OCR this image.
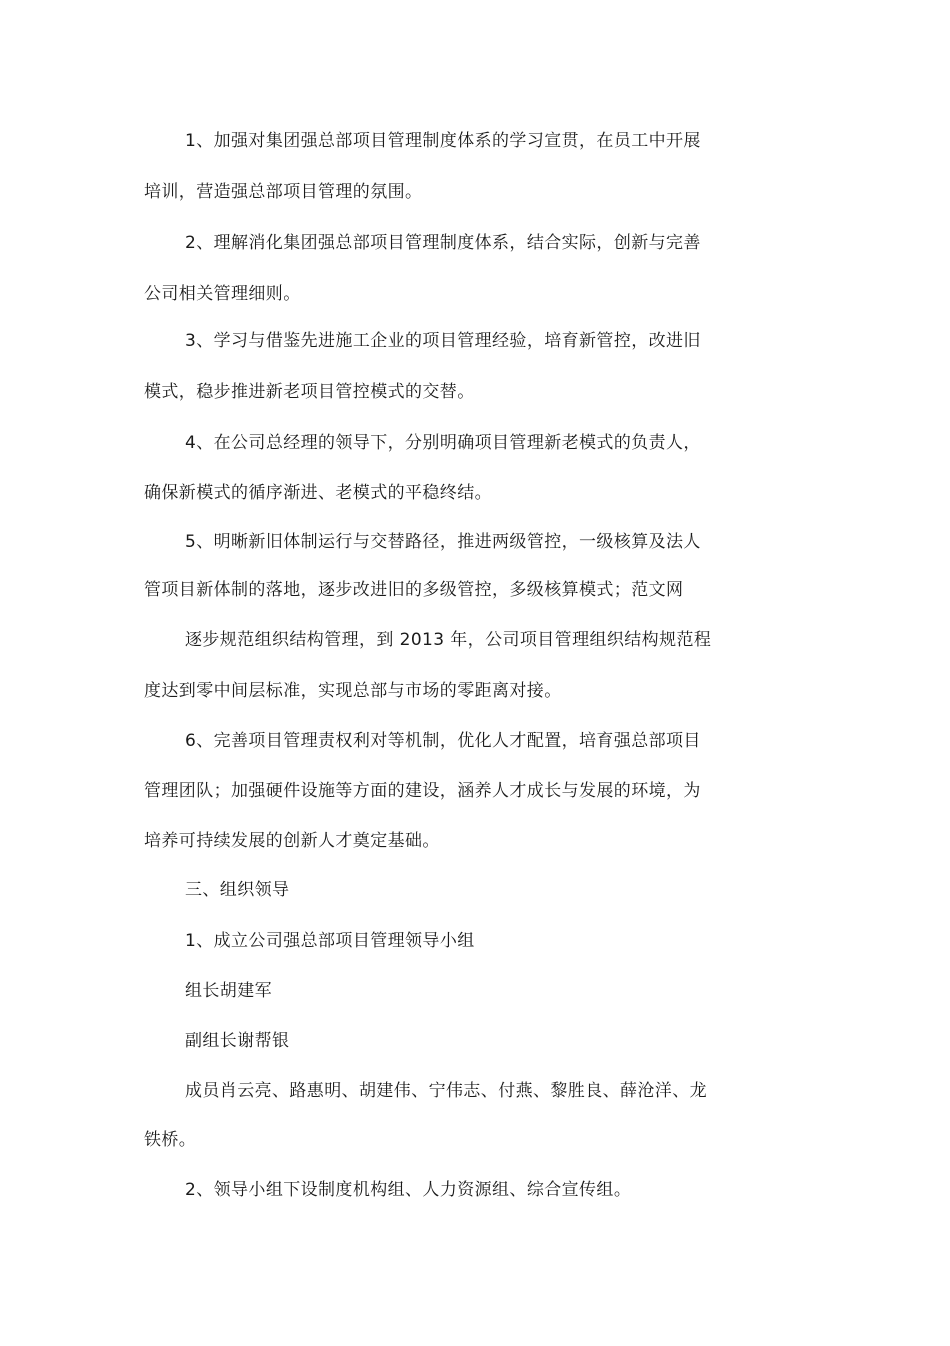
1、加强对集团强总部项目管理制度体系的学习宣贯，在员工中开展
培训，营造强总部项目管理的氛围。
2、理解消化集团强总部项目管理制度体系，结合实际，创新与完善
公司相关管理细则。
3、学习与借鉴先进施工企业的项目管理经验，培育新管控，改进旧
模式，稳步推进新老项目管控模式的交替。
4、在公司总经理的领导下，分别明确项目管理新老模式的负责人，
确保新模式的循序渐进、老模式的平稳终结。
5、明晰新旧体制运行与交替路径，推进两级管控，一级核算及法人
管项目新体制的落地，逐步改进旧的多级管控，多级核算模式；范文网
逐步规范组织结构管理，到 2013 年，公司项目管理组织结构规范程
度达到零中间层标准，实现总部与市场的零距离对接。
6、完善项目管理责权利对等机制，优化人才配置，培育强总部项目
管理团队；加强硬件设施等方面的建设，涵养人才成长与发展的环境，为
培养可持续发展的创新人才奠定基础。
三、组织领导
1、成立公司强总部项目管理领导小组
组长胡建军
副组长谢帮银
成员肖云亮、路惠明、胡建伟、宁伟志、付燕、黎胜良、薛沧洋、龙
铁桥。
2、领导小组下设制度机构组、人力资源组、综合宣传组。
